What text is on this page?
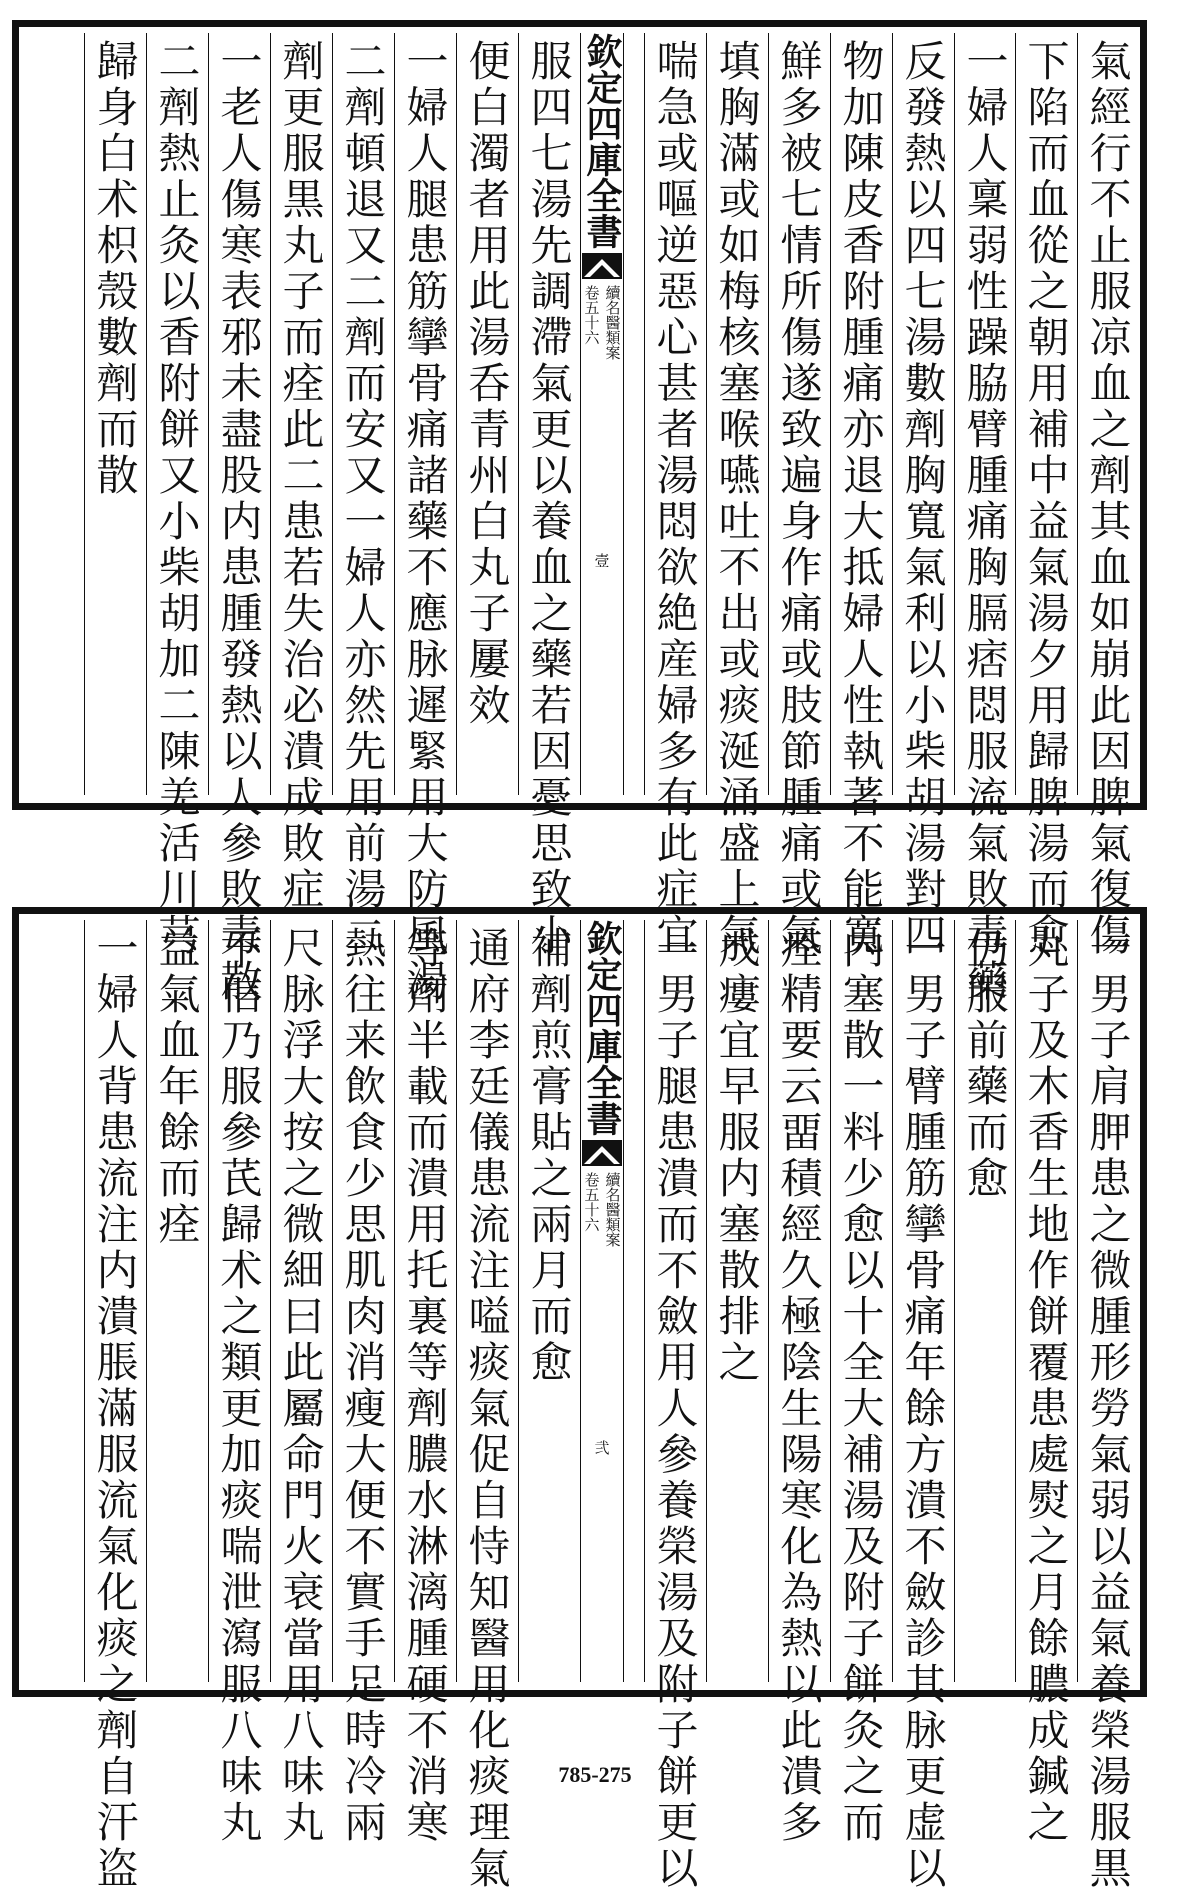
氣經行不止服凉血之劑其血如崩此因脾氣復傷
下陷而血從之朝用補中益氣湯夕用歸脾湯而愈
一婦人稟弱性躁脇臂腫痛胸膈痞悶服流氣敗毒藥
反發熱以四七湯數劑胸寬氣利以小柴胡湯對四
物加陳皮香附腫痛亦退大抵婦人性執著不能寬
鮮多被七情所傷遂致遍身作痛或肢節腫痛或氣
填胸滿或如梅核塞喉嚥吐不出或痰涎涌盛上氣
喘急或嘔逆惡心甚者湯悶欲絶産婦多有此症宜
欽定四庫全書
續名醫類案
卷五十六
壹
服四七湯先調滯氣更以養血之藥若因憂思致小
便白濁者用此湯呑青州白丸子屢效
一婦人腿患筋攣骨痛諸藥不應脉遲緊用大防風湯
二劑頓退又二劑而安又一婦人亦然先用前湯二
劑更服黒丸子而痊此二患若失治必潰成敗症
一老人傷寒表邪未盡股内患腫發熱以人參敗毒散
二劑熱止灸以香附餅又小柴胡加二陳羌活川芎
歸身白术枳殼數劑而散
一男子肩胛患之微腫形勞氣弱以益氣養榮湯服黒
丸子及木香生地作餅覆患處熨之月餘膿成鍼之
仍服前藥而愈
一男子臂腫筋攣骨痛年餘方潰不斂診其脉更虚以
内塞散一料少愈以十全大補湯及附子餅灸之而
痊精要云畱積經久極陰生陽寒化為熱以此潰多
成瘻宜早服内塞散排之
一男子腿患潰而不斂用人參養榮湯及附子餅更以
欽定四庫全書
續名醫類案
卷五十六
弐
補劑煎膏貼之兩月而愈
通府李廷儀患流注嗌痰氣促自恃知醫用化痰理氣
等劑半載而潰用托裏等劑膿水淋漓腫硬不消寒
熱往来飲食少思肌肉消瘦大便不實手足時冷兩
尺脉浮大按之微細曰此屬命門火衰當用八味丸
不信乃服參芪歸术之類更加痰喘泄瀉服八味丸
益氣血年餘而痊
一婦人背患流注内潰脹滿服流氣化痰之劑自汗盗	785-275
